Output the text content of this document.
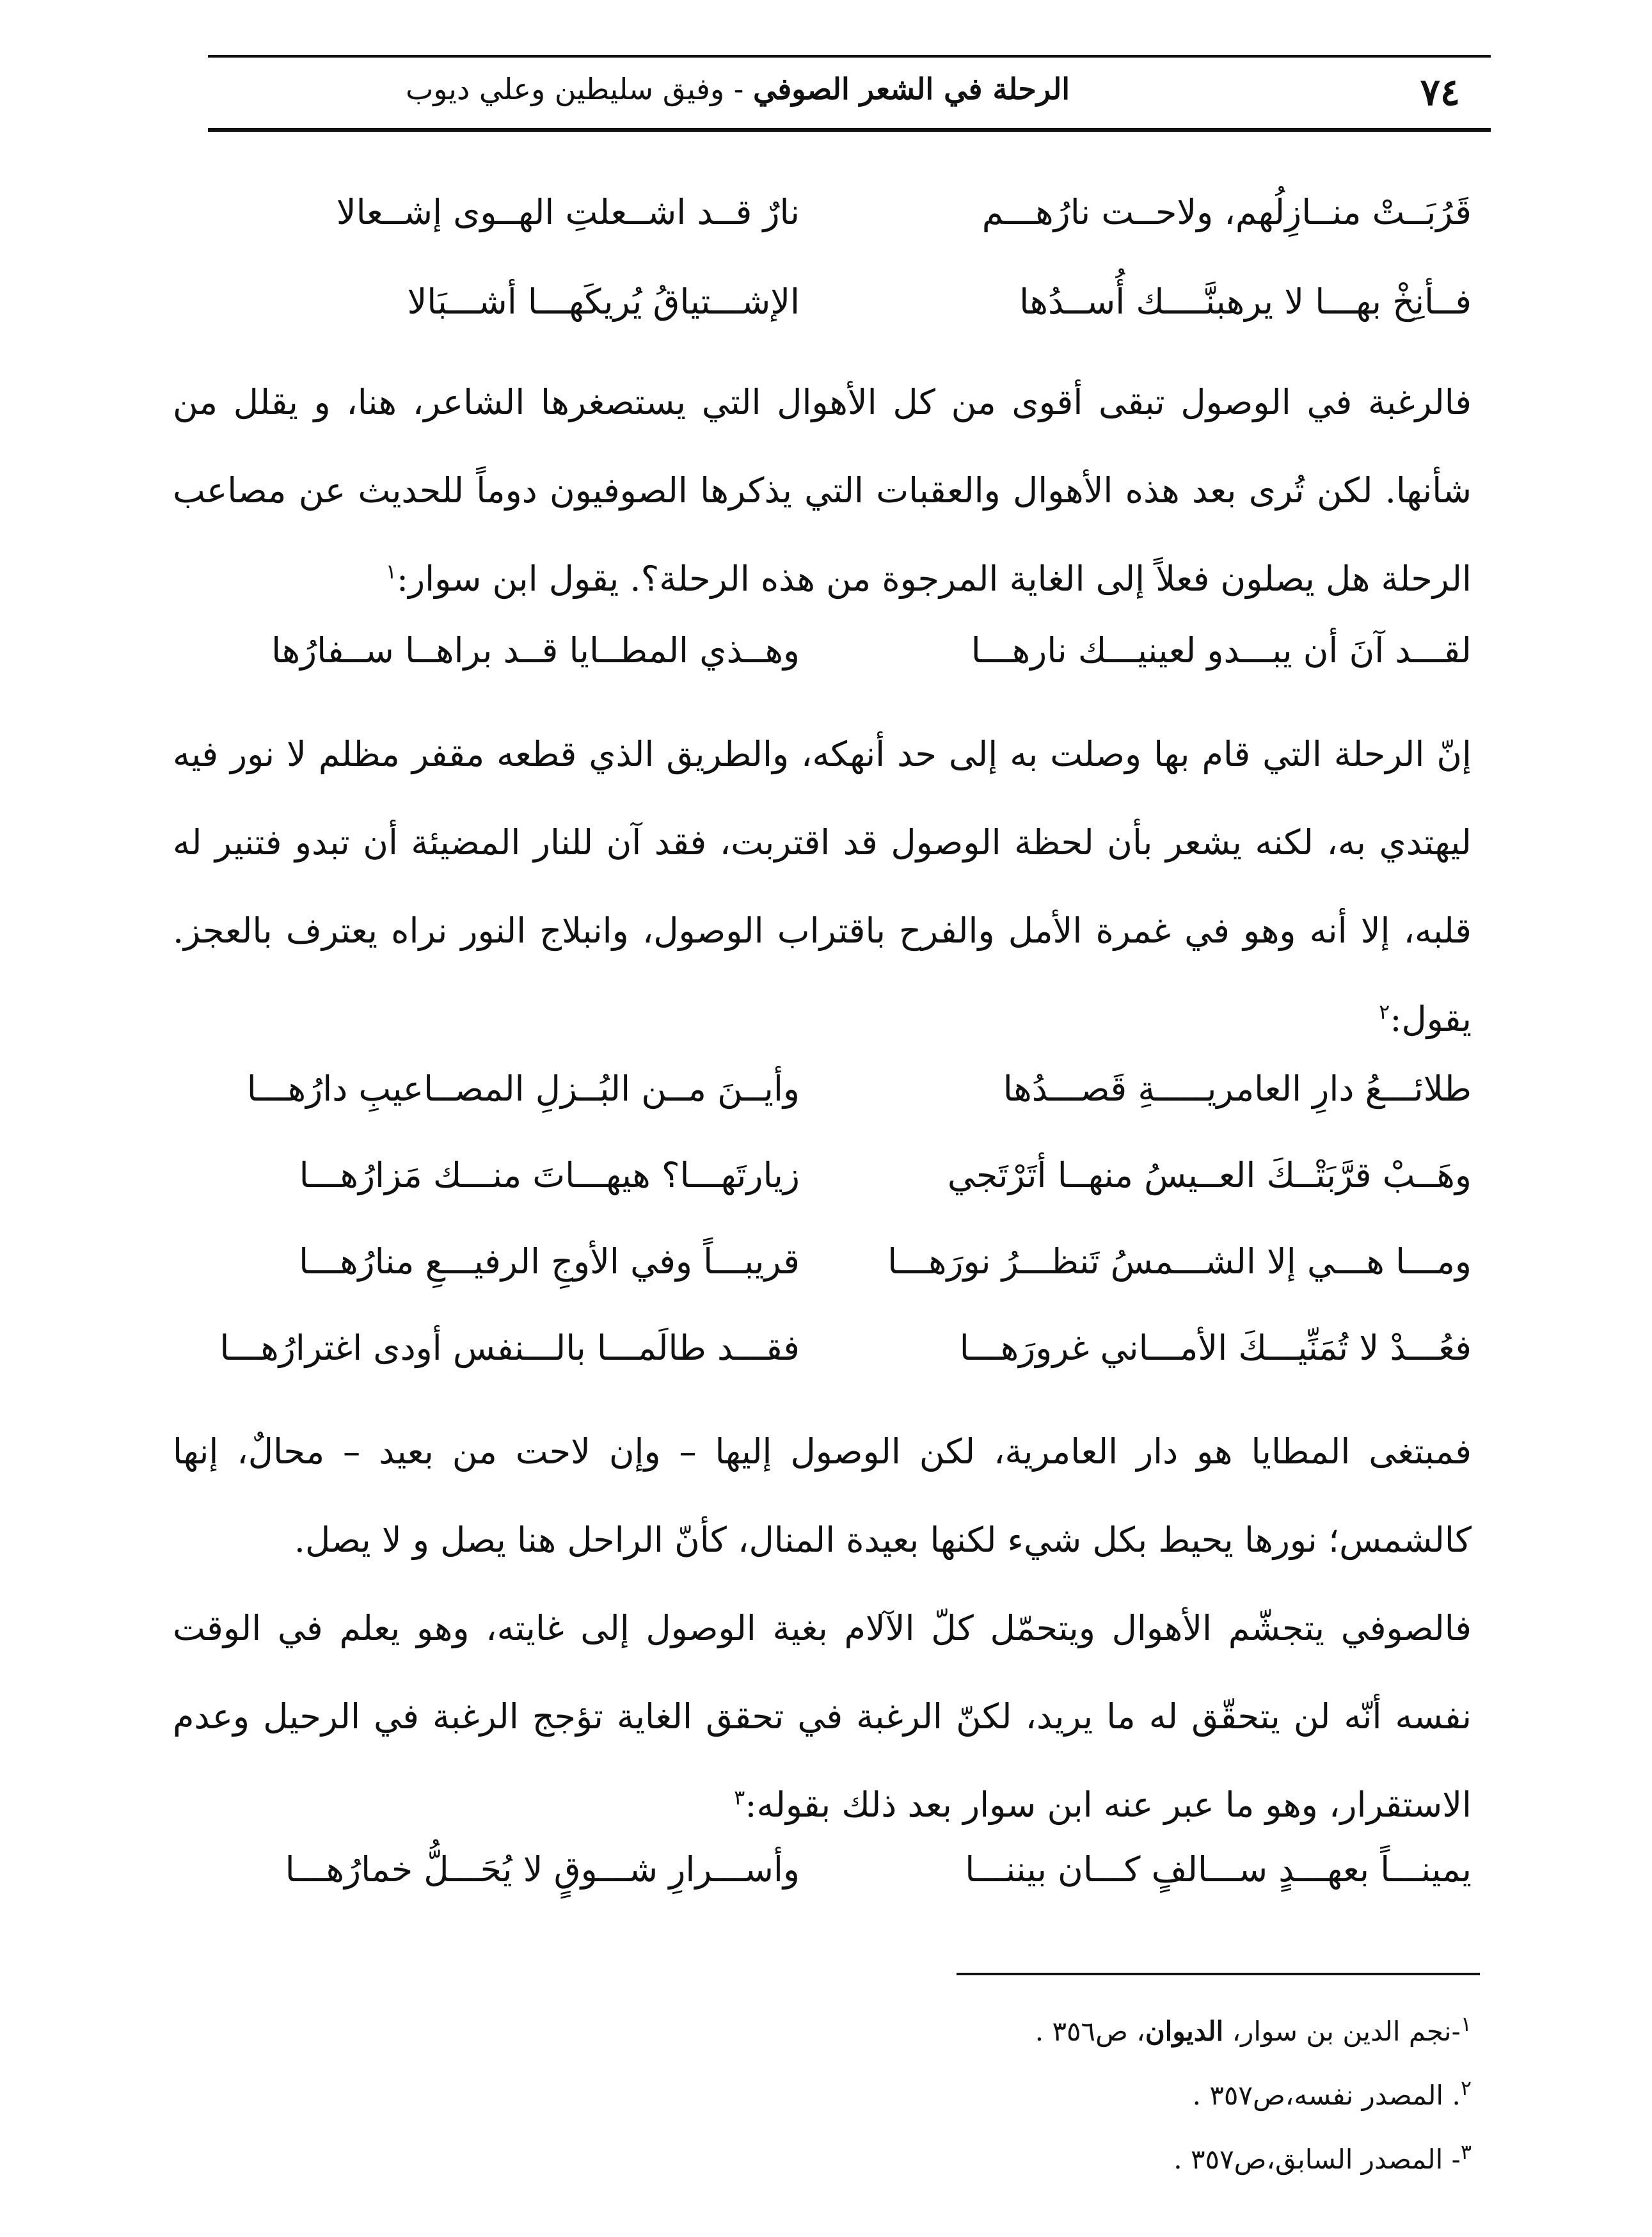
٧٤
الرحلة في الشعر الصوفي - وفيق سليطين وعلي ديوب
قَرُبَــتْ منــازِلُهم، ولاحــت نارُهـــم
نارٌ قــد اشــعلتِ الهــوى إشــعالا
فــأنِخْ بهـــا لا يرهبنَّــــك أُســدُها
الإشـــتياقُ يُريكَهـــا أشـــبَالا

فالرغبة في الوصول تبقى أقوى من كل الأهوال التي يستصغرها الشاعر، هنا، و يقلل من شأنها. لكن تُرى بعد هذه الأهوال والعقبات التي يذكرها الصوفيون دوماً للحديث عن مصاعب الرحلة هل يصلون فعلاً إلى الغاية المرجوة من هذه الرحلة؟. يقول ابن سوار:$^١$

لقـــد آنَ أن يبـــدو لعينيـــك نارهـــا
وهــذي المطــايا قــد براهــا ســفارُها

إنّ الرحلة التي قام بها وصلت به إلى حد أنهكه، والطريق الذي قطعه مقفر مظلم لا نور فيه ليهتدي به، لكنه يشعر بأن لحظة الوصول قد اقتربت، فقد آن للنار المضيئة أن تبدو فتنير له قلبه، إلا أنه وهو في غمرة الأمل والفرح باقتراب الوصول، وانبلاج النور نراه يعترف بالعجز. يقول:$^٢$

طلائـــعُ دارِ العامريـــــةِ قَصـــدُها
وأيــنَ مــن البُــزلِ المصــاعيبِ دارُهـــا
وهَــبْ قرَّبَتْــكَ العــيسُ منهــا أتَرْتَجي
زيارتَهـــا؟ هيهـــاتَ منـــك مَزارُهـــا
ومـــا هـــي إلا الشـــمسُ تَنظـــرُ نورَهـــا
قريبـــاً وفي الأوجِ الرفيـــعِ منارُهـــا
فعُـــدْ لا تُمَنِّيـــكَ الأمـــاني غرورَهـــا
فقـــد طالَمـــا بالـــنفس أودى اغترارُهـــا

فمبتغى المطايا هو دار العامرية، لكن الوصول إليها – وإن لاحت من بعيد – محالٌ، إنها كالشمس؛ نورها يحيط بكل شيء لكنها بعيدة المنال، كأنّ الراحل هنا يصل و لا يصل.

فالصوفي يتجشّم الأهوال ويتحمّل كلّ الآلام بغية الوصول إلى غايته، وهو يعلم في الوقت نفسه أنّه لن يتحقّق له ما يريد، لكنّ الرغبة في تحقق الغاية تؤجج الرغبة في الرحيل وعدم الاستقرار، وهو ما عبر عنه ابن سوار بعد ذلك بقوله:$^٣$

يمينـــاً بعهـــدٍ ســـالفٍ كـــان بيننـــا
وأســـرارِ شـــوقٍ لا يُحَـــلُّ خمارُهـــا
$^١$-نجم الدين بن سوار، الديوان، ص٣٥٦ .
$^٢$. المصدر نفسه،ص٣٥٧ .
$^٣$- المصدر السابق،ص٣٥٧ .
